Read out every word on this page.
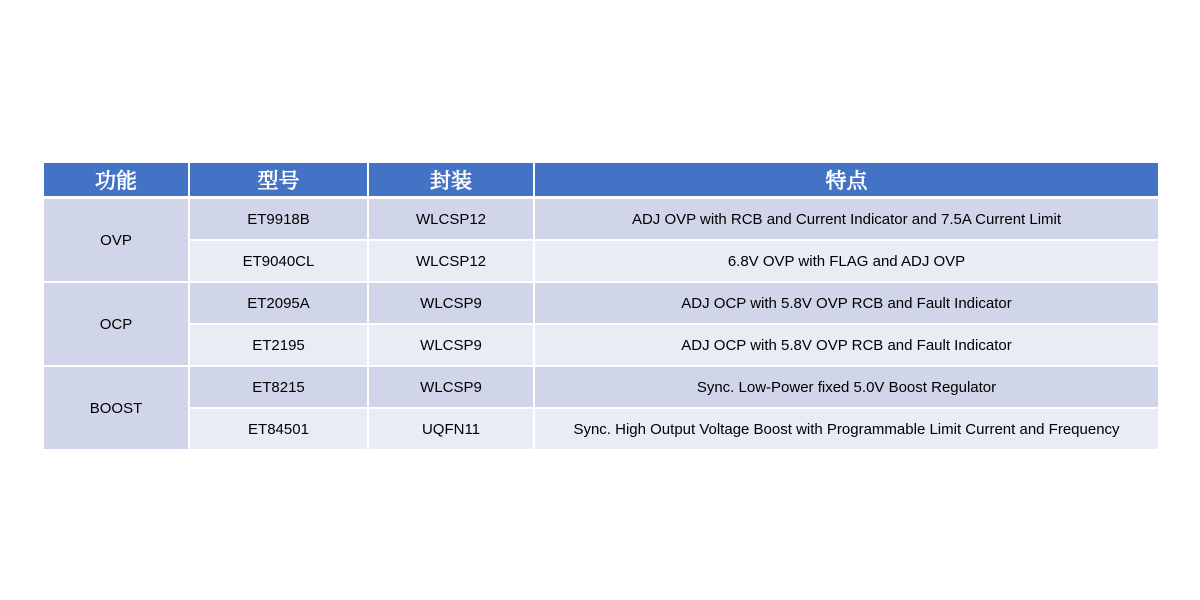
功能	型号	封装	特点
OVP	ET9918B	WLCSP12	ADJ OVP with RCB and Current Indicator and 7.5A Current Limit
	ET9040CL	WLCSP12	6.8V OVP with FLAG and ADJ OVP
OCP	ET2095A	WLCSP9	ADJ OCP with 5.8V OVP RCB and Fault Indicator
	ET2195	WLCSP9	ADJ OCP with 5.8V OVP RCB and Fault Indicator
BOOST	ET8215	WLCSP9	Sync. Low-Power fixed 5.0V Boost Regulator
	ET84501	UQFN11	Sync. High Output Voltage Boost with Programmable Limit Current and Frequency
